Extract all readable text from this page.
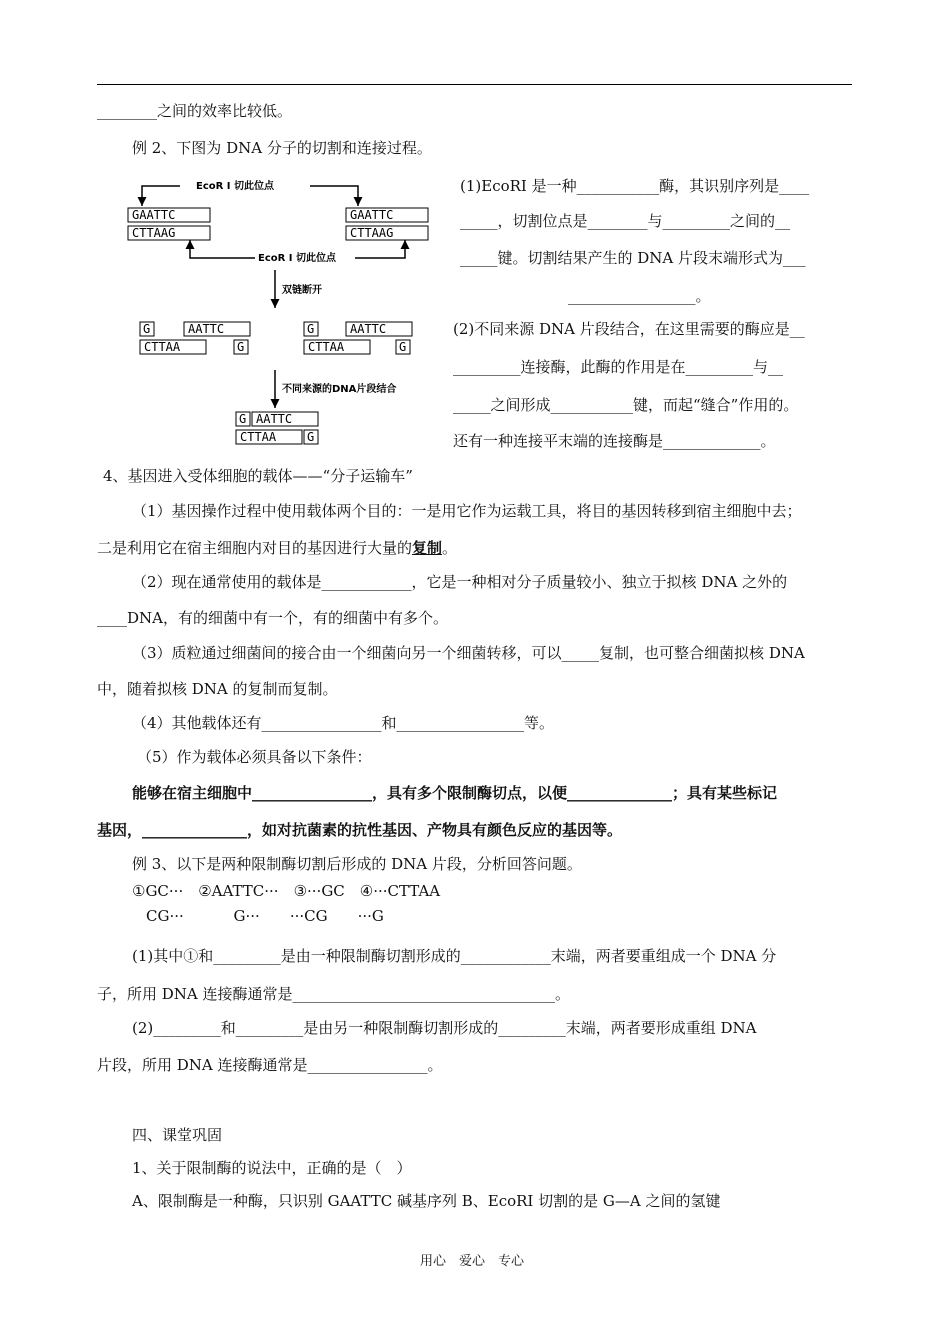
________之间的效率比较低。
例 2、下图为 DNA 分子的切割和连接过程。
GAATTC
CTTAAG
GAATTC
CTTAAG
G	AATTC
CTTAA	G
G	AATTC
CTTAA	G
G AATTC
CTTAA	G
EcoR Ⅰ 切此位点
EcoR Ⅰ 切此位点
双链断开
不同来源的DNA片段结合
(1)EcoRI 是一种___________酶，其识别序列是____
_____，切割位点是________与_________之间的__
_____键。切割结果产生的 DNA 片段末端形式为___
_________________。
(2)不同来源 DNA 片段结合，在这里需要的酶应是__
_________连接酶，此酶的作用是在_________与__
_____之间形成___________键，而起“缝合”作用的。
还有一种连接平末端的连接酶是_____________。
4、基因进入受体细胞的载体——“分子运输车”
（1）基因操作过程中使用载体两个目的：一是用它作为运载工具，将目的基因转移到宿主细胞中去；
二是利用它在宿主细胞内对目的基因进行大量的复制。
（2）现在通常使用的载体是____________，它是一种相对分子质量较小、独立于拟核 DNA 之外的
____DNA，有的细菌中有一个，有的细菌中有多个。
（3）质粒通过细菌间的接合由一个细菌向另一个细菌转移，可以_____复制，也可整合细菌拟核 DNA
中，随着拟核 DNA 的复制而复制。
（4）其他载体还有________________和_________________等。
（5）作为载体必须具备以下条件：
能够在宿主细胞中________________，具有多个限制酶切点，以便______________；具有某些标记
基因，______________，如对抗菌素的抗性基因、产物具有颜色反应的基因等。
例 3、以下是两种限制酶切割后形成的 DNA 片段，分析回答问题。
①GC···　②AATTC···　③···GC　④···CTTAA
CG···　　　 G···　　···CG　　···G
(1)其中①和_________是由一种限制酶切割形成的____________末端，两者要重组成一个 DNA 分
子，所用 DNA 连接酶通常是___________________________________。
(2)_________和_________是由另一种限制酶切割形成的_________末端，两者要形成重组 DNA
片段，所用 DNA 连接酶通常是________________。
四、课堂巩固
1、关于限制酶的说法中，正确的是（　）
A、限制酶是一种酶，只识别 GAATTC 碱基序列 B、EcoRI 切割的是 G—A 之间的氢键
用心　爱心　专心
